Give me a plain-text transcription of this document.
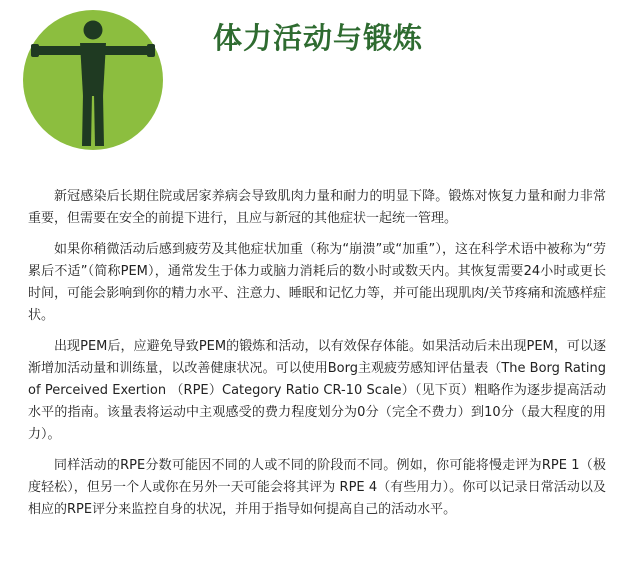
体力活动与锻炼

新冠感染后长期住院或居家养病会导致肌肉力量和耐力的明显下降。锻炼对恢复力量和耐力非常重要，但需要在安全的前提下进行，且应与新冠的其他症状一起统一管理。

如果你稍微活动后感到疲劳及其他症状加重（称为“崩溃”或“加重”），这在科学术语中被称为“劳累后不适”（简称PEM），通常发生于体力或脑力消耗后的数小时或数天内。其恢复需要24小时或更长时间，可能会影响到你的精力水平、注意力、睡眠和记忆力等，并可能出现肌肉/关节疼痛和流感样症状。

出现PEM后，应避免导致PEM的锻炼和活动，以有效保存体能。如果活动后未出现PEM，可以逐渐增加活动量和训练量，以改善健康状况。可以使用Borg主观疲劳感知评估量表（The Borg Rating of Perceived Exertion （RPE）Category Ratio CR-10 Scale）（见下页）粗略作为逐步提高活动水平的指南。该量表将运动中主观感受的费力程度划分为0分（完全不费力）到10分（最大程度的用力）。

同样活动的RPE分数可能因不同的人或不同的阶段而不同。例如，你可能将慢走评为RPE 1（极度轻松），但另一个人或你在另外一天可能会将其评为 RPE 4（有些用力）。你可以记录日常活动以及相应的RPE评分来监控自身的状况，并用于指导如何提高自己的活动水平。
